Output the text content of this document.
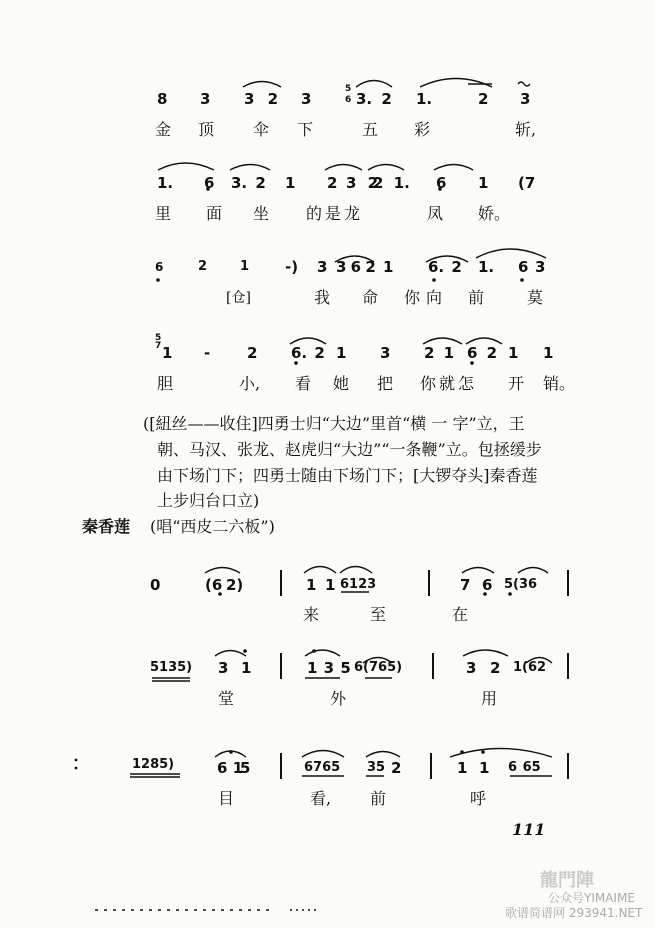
8 3 3 2 3
5
6 3. 2 1.	2 3
金 顶 伞 下	五 彩	斩,
1. 6 3. 2 1 2 3 2
2 1. 6 1 (7
里 面 坐 的是龙	凤 娇。
6	2	1 -) 3 3 6 2 1 6. 2 1. 6 3
[仓]	我 命 你向 前	莫
5
7 1 - 2 6. 2 1 3 2 1 6 2 1 1
胆	小, 看 她 把 你就怎 开 销。
([紐丝——收住]四勇士归“大边”里首“横 一 字”立，王
朝、马汉、张龙、赵虎归“大边”“一条鞭”立。包拯缓步
由下场门下；四勇士随由下场门下；[大锣夺头]秦香莲
上步归台口立)
秦香莲 (唱“西皮二六板”)
0	(6 2)	1 1 6123	7 6 5(36
来	至	在
5135) 3 1	1 3 5 6(765)	3 2 1(62
堂	外	用
1285)	6 1
5	6765 35 2	1 1 6 65
目	看, 前	呼
111
龍門陣
公众号YIMAIME
歌谱简谱网 293941.NET
